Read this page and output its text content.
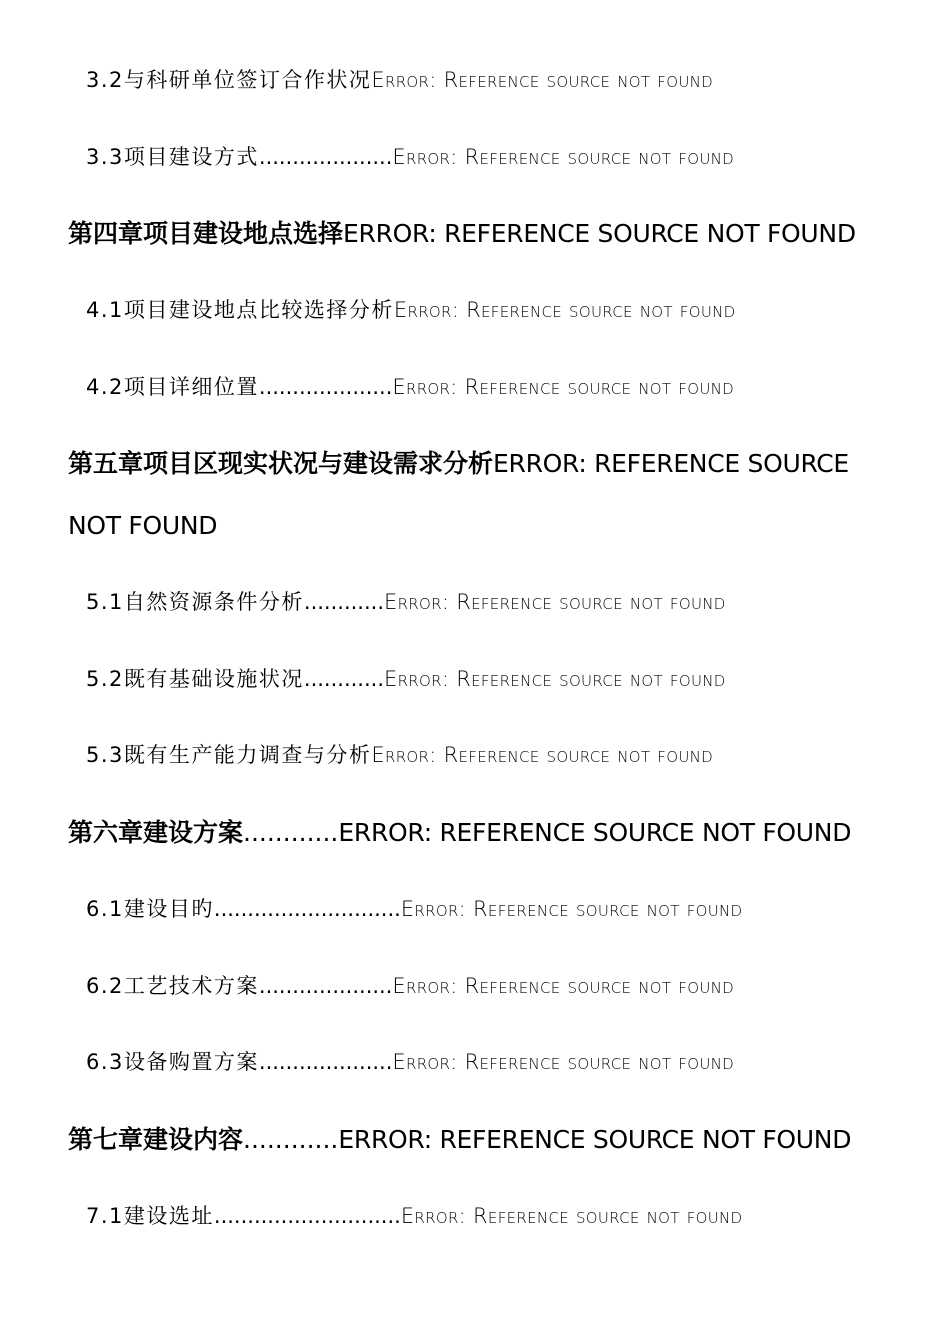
3.2与科研单位签订合作状况Error: Reference source not found
3.3项目建设方式....................Error: Reference source not found
第四章项目建设地点选择ERROR: REFERENCE SOURCE NOT FOUND
4.1项目建设地点比较选择分析Error: Reference source not found
4.2项目详细位置....................Error: Reference source not found
第五章项目区现实状况与建设需求分析ERROR: REFERENCE SOURCE NOT FOUND
5.1自然资源条件分析............Error: Reference source not found
5.2既有基础设施状况............Error: Reference source not found
5.3既有生产能力调查与分析Error: Reference source not found
第六章建设方案............ERROR: REFERENCE SOURCE NOT FOUND
6.1建设目旳............................Error: Reference source not found
6.2工艺技术方案....................Error: Reference source not found
6.3设备购置方案....................Error: Reference source not found
第七章建设内容............ERROR: REFERENCE SOURCE NOT FOUND
7.1建设选址............................Error: Reference source not found
